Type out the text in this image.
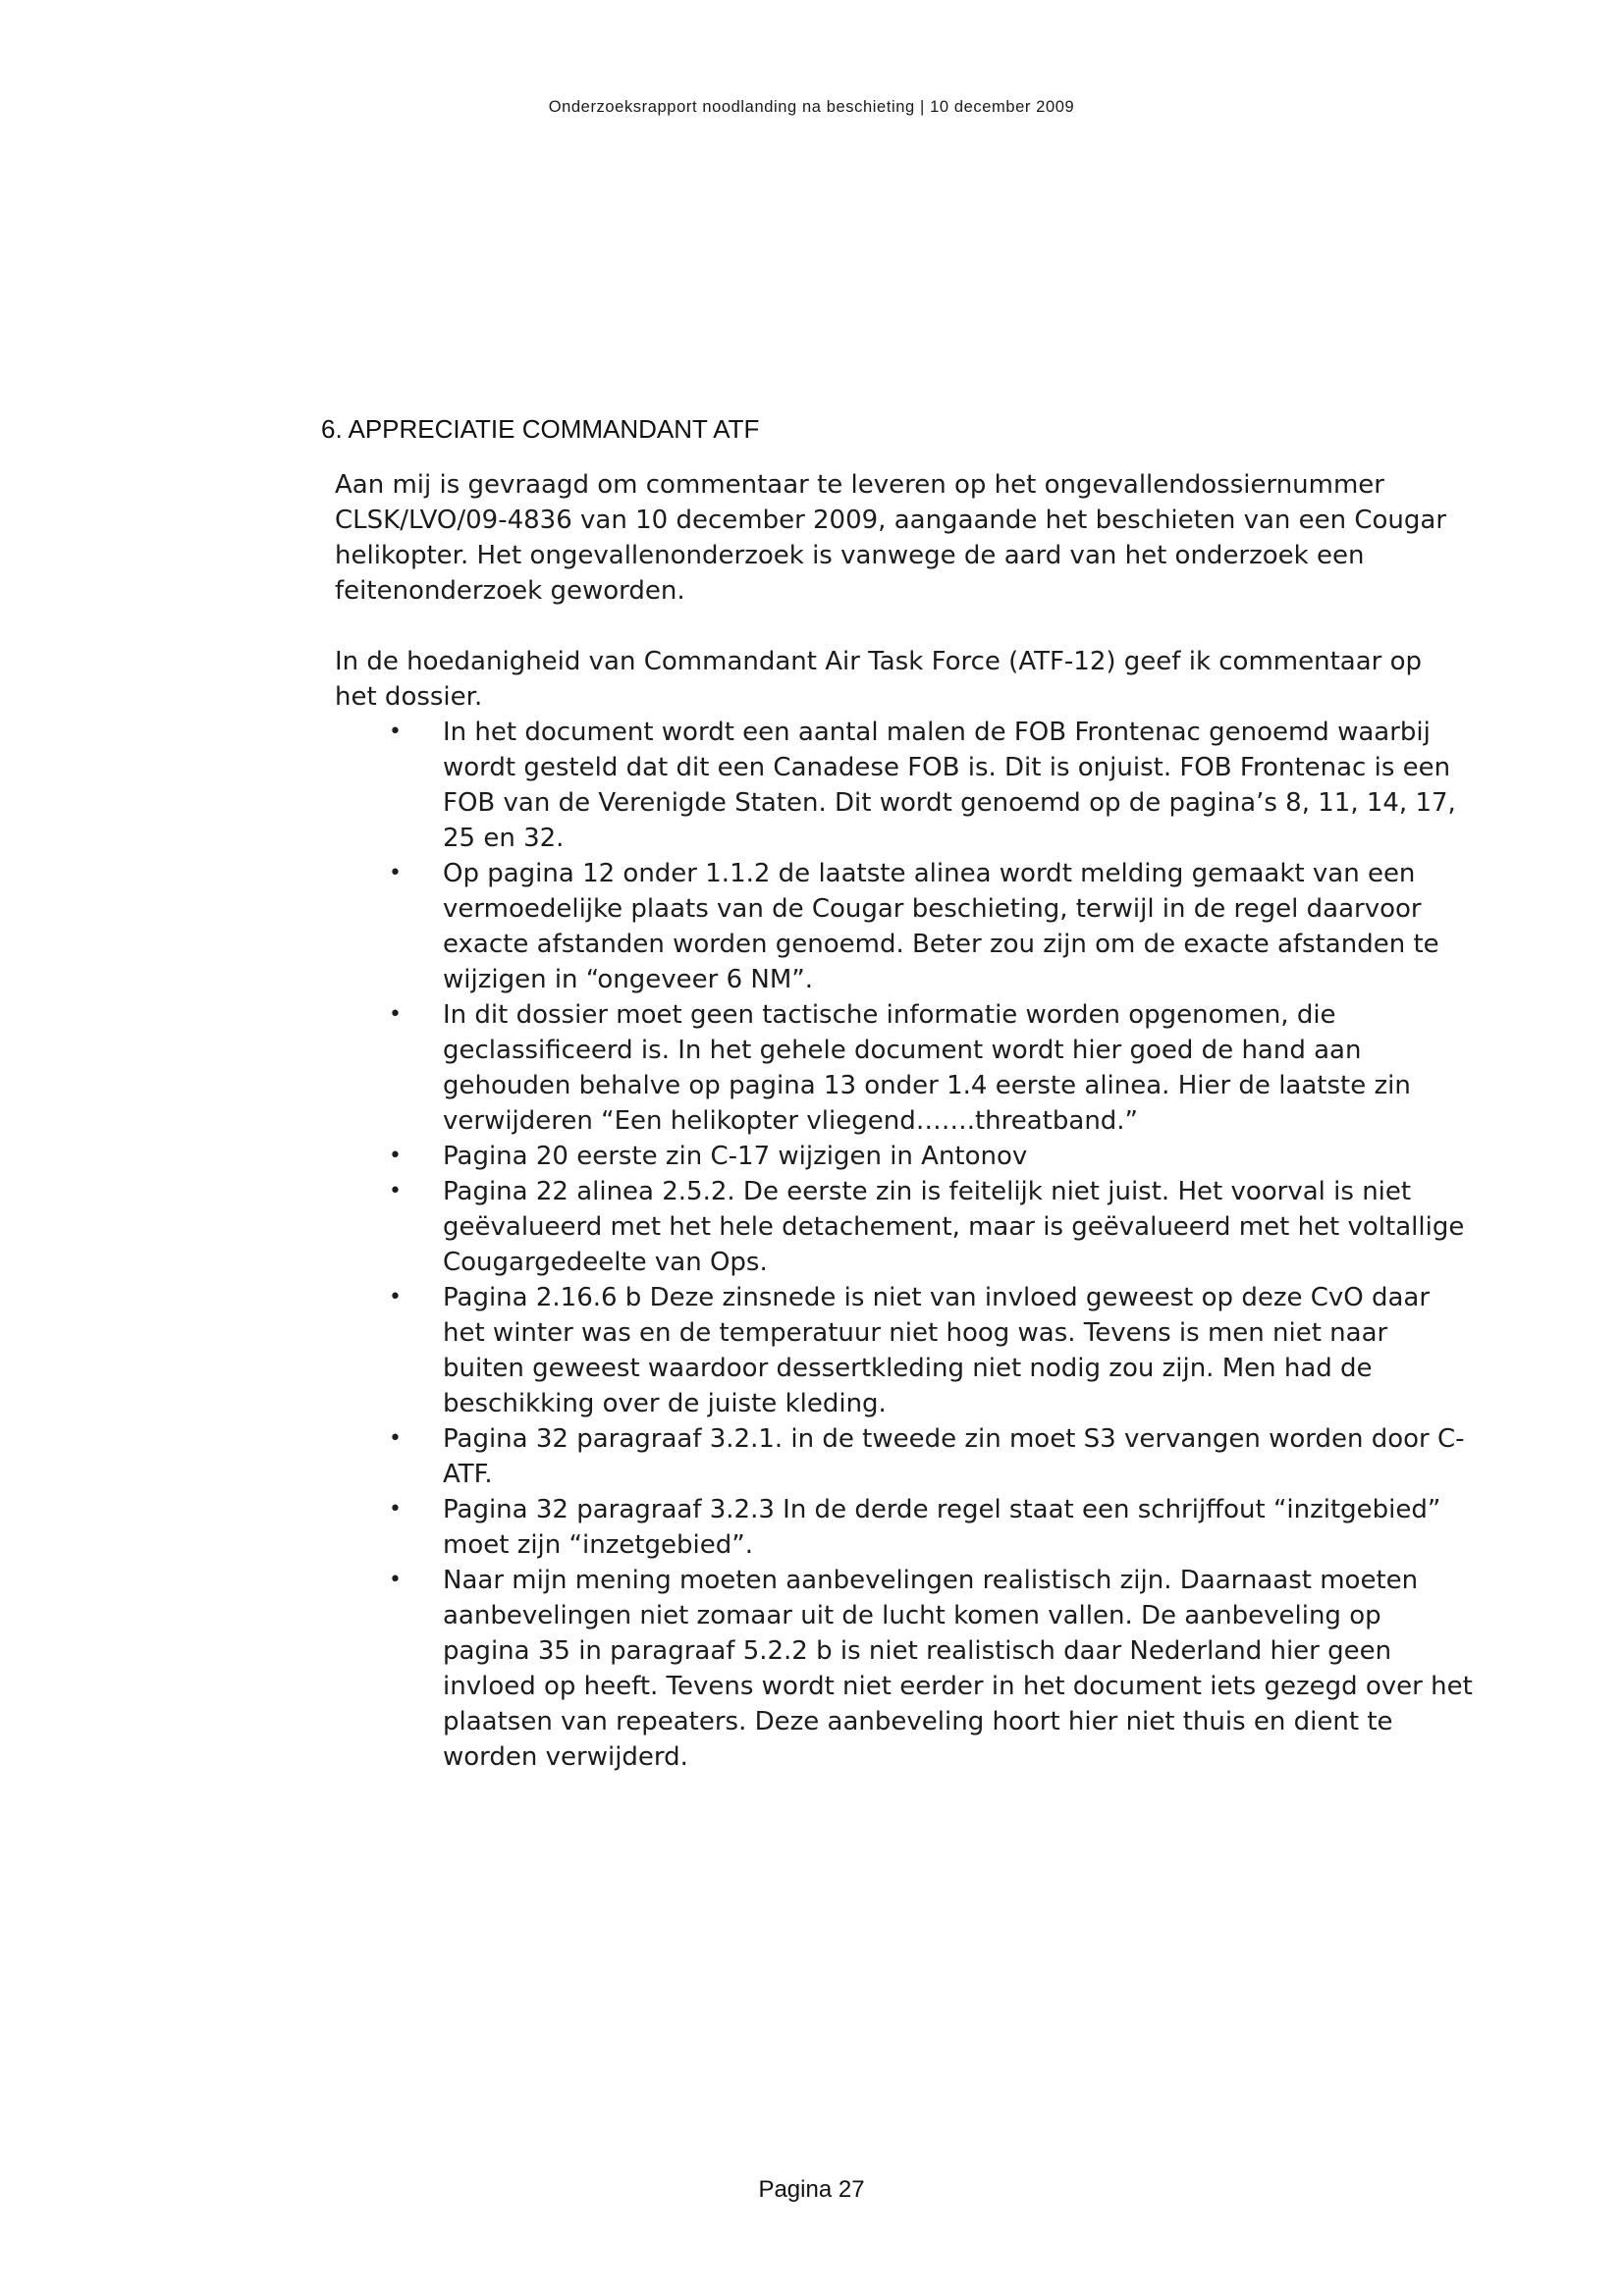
Onderzoeksrapport noodlanding na beschieting | 10 december 2009
6. APPRECIATIE COMMANDANT ATF

Aan mij is gevraagd om commentaar te leveren op het ongevallendossiernummer CLSK/LVO/09-4836 van 10 december 2009, aangaande het beschieten van een Cougar helikopter. Het ongevallenonderzoek is vanwege de aard van het onderzoek een feitenonderzoek geworden.

In de hoedanigheid van Commandant Air Task Force (ATF-12) geef ik commentaar op het dossier.

• In het document wordt een aantal malen de FOB Frontenac genoemd waarbij wordt gesteld dat dit een Canadese FOB is. Dit is onjuist. FOB Frontenac is een FOB van de Verenigde Staten. Dit wordt genoemd op de pagina’s 8, 11, 14, 17, 25 en 32.
• Op pagina 12 onder 1.1.2 de laatste alinea wordt melding gemaakt van een vermoedelijke plaats van de Cougar beschieting, terwijl in de regel daarvoor exacte afstanden worden genoemd. Beter zou zijn om de exacte afstanden te wijzigen in “ongeveer 6 NM”.
• In dit dossier moet geen tactische informatie worden opgenomen, die geclassificeerd is. In het gehele document wordt hier goed de hand aan gehouden behalve op pagina 13 onder 1.4 eerste alinea. Hier de laatste zin verwijderen “Een helikopter vliegend…….threatband.”
• Pagina 20 eerste zin C-17 wijzigen in Antonov
• Pagina 22 alinea 2.5.2. De eerste zin is feitelijk niet juist. Het voorval is niet geëvalueerd met het hele detachement, maar is geëvalueerd met het voltallige Cougargedeelte van Ops.
• Pagina 2.16.6 b Deze zinsnede is niet van invloed geweest op deze CvO daar het winter was en de temperatuur niet hoog was. Tevens is men niet naar buiten geweest waardoor dessertkleding niet nodig zou zijn. Men had de beschikking over de juiste kleding.
• Pagina 32 paragraaf 3.2.1. in de tweede zin moet S3 vervangen worden door C-ATF.
• Pagina 32 paragraaf 3.2.3 In de derde regel staat een schrijffout “inzitgebied” moet zijn “inzetgebied”.
• Naar mijn mening moeten aanbevelingen realistisch zijn. Daarnaast moeten aanbevelingen niet zomaar uit de lucht komen vallen. De aanbeveling op pagina 35 in paragraaf 5.2.2 b is niet realistisch daar Nederland hier geen invloed op heeft. Tevens wordt niet eerder in het document iets gezegd over het plaatsen van repeaters. Deze aanbeveling hoort hier niet thuis en dient te worden verwijderd.
Pagina 27
